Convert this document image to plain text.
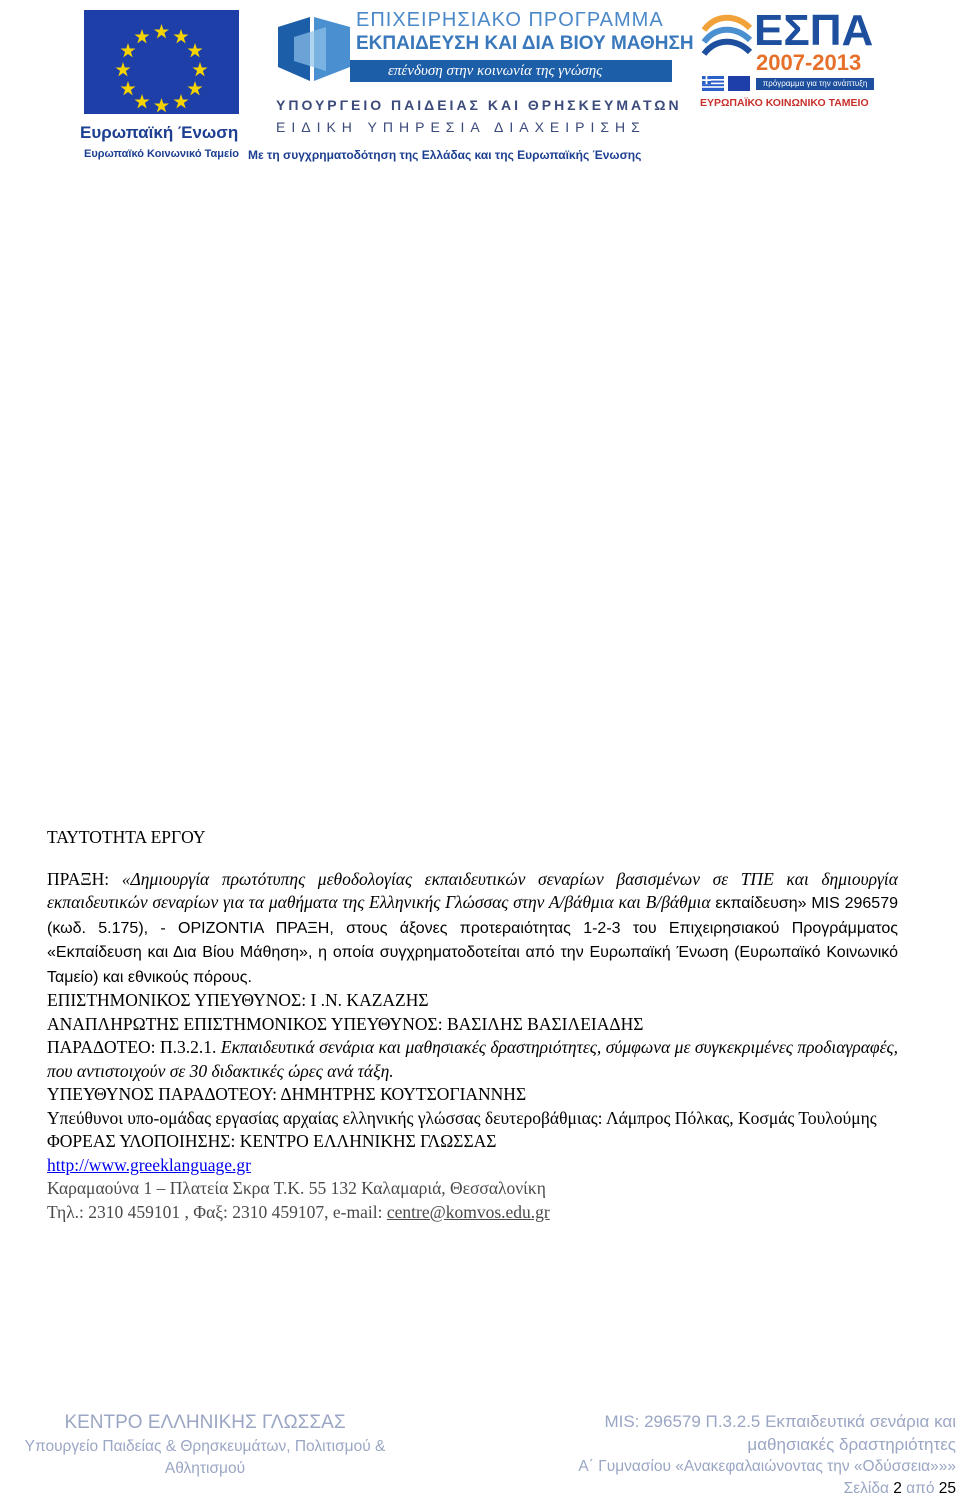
Ευρωπαϊκή Ένωση
Ευρωπαϊκό Κοινωνικό Ταμείο
ΕΠΙΧΕΙΡΗΣΙΑΚΟ ΠΡΟΓΡΑΜΜΑ
ΕΚΠΑΙΔΕΥΣΗ ΚΑΙ ΔΙΑ ΒΙΟΥ ΜΑΘΗΣΗ
επένδυση στην κοινωνία της γνώσης
ΥΠΟΥΡΓΕΙΟ ΠΑΙΔΕΙΑΣ ΚΑΙ ΘΡΗΣΚΕΥΜΑΤΩΝ
ΕΙΔΙΚΗ ΥΠΗΡΕΣΙΑ ΔΙΑΧΕΙΡΙΣΗΣ
Με τη συγχρηματοδότηση της Ελλάδας και της Ευρωπαϊκής Ένωσης
ΕΣΠΑ
2007-2013
πρόγραμμα για την ανάπτυξη
ΕΥΡΩΠΑΪΚΟ ΚΟΙΝΩΝΙΚΟ ΤΑΜΕΙΟ

ΤΑΥΤΟΤΗΤΑ ΕΡΓΟΥ

ΠΡΑΞΗ: «Δημιουργία πρωτότυπης μεθοδολογίας εκπαιδευτικών σεναρίων βασισμένων σε ΤΠΕ και δημιουργία εκπαιδευτικών σεναρίων για τα μαθήματα της Ελληνικής Γλώσσας στην Α/βάθμια και Β/βάθμια εκπαίδευση» MIS 296579 (κωδ. 5.175), - ΟΡΙΖΟΝΤΙΑ ΠΡΑΞΗ, στους άξονες προτεραιότητας 1-2-3 του Επιχειρησιακού Προγράμματος «Εκπαίδευση και Δια Βίου Μάθηση», η οποία συγχρηματοδοτείται από την Ευρωπαϊκή Ένωση (Ευρωπαϊκό Κοινωνικό Ταμείο) και εθνικούς πόρους.

ΕΠΙΣΤΗΜΟΝΙΚΟΣ ΥΠΕΥΘΥΝΟΣ: Ι .Ν. ΚΑΖΑΖΗΣ

ΑΝΑΠΛΗΡΩΤΗΣ ΕΠΙΣΤΗΜΟΝΙΚΟΣ ΥΠΕΥΘΥΝΟΣ: ΒΑΣΙΛΗΣ ΒΑΣΙΛΕΙΑΔΗΣ

ΠΑΡΑΔΟΤΕΟ: Π.3.2.1. Εκπαιδευτικά σενάρια και μαθησιακές δραστηριότητες, σύμφωνα με συγκεκριμένες προδιαγραφές, που αντιστοιχούν σε 30 διδακτικές ώρες ανά τάξη.

ΥΠΕΥΘΥΝΟΣ ΠΑΡΑΔΟΤΕΟΥ: ΔΗΜΗΤΡΗΣ ΚΟΥΤΣΟΓΙΑΝΝΗΣ

Υπεύθυνοι υπο-ομάδας εργασίας αρχαίας ελληνικής γλώσσας δευτεροβάθμιας: Λάμπρος Πόλκας, Κοσμάς Τουλούμης

ΦΟΡΕΑΣ ΥΛΟΠΟΙΗΣΗΣ: ΚΕΝΤΡΟ ΕΛΛΗΝΙΚΗΣ ΓΛΩΣΣΑΣ

http://www.greeklanguage.gr

Καραμαούνα 1 – Πλατεία Σκρα Τ.Κ. 55 132 Καλαμαριά, Θεσσαλονίκη

Τηλ.: 2310 459101 , Φαξ: 2310 459107, e-mail: centre@komvos.edu.gr

ΚΕΝΤΡΟ ΕΛΛΗΝΙΚΗΣ ΓΛΩΣΣΑΣ
Υπουργείο Παιδείας & Θρησκευμάτων, Πολιτισμού & Αθλητισμού
MIS: 296579 Π.3.2.5 Εκπαιδευτικά σενάρια και μαθησιακές δραστηριότητες
Α΄ Γυμνασίου «Ανακεφαλαιώνοντας την «Οδύσσεια»»»
Σελίδα 2 από 25
